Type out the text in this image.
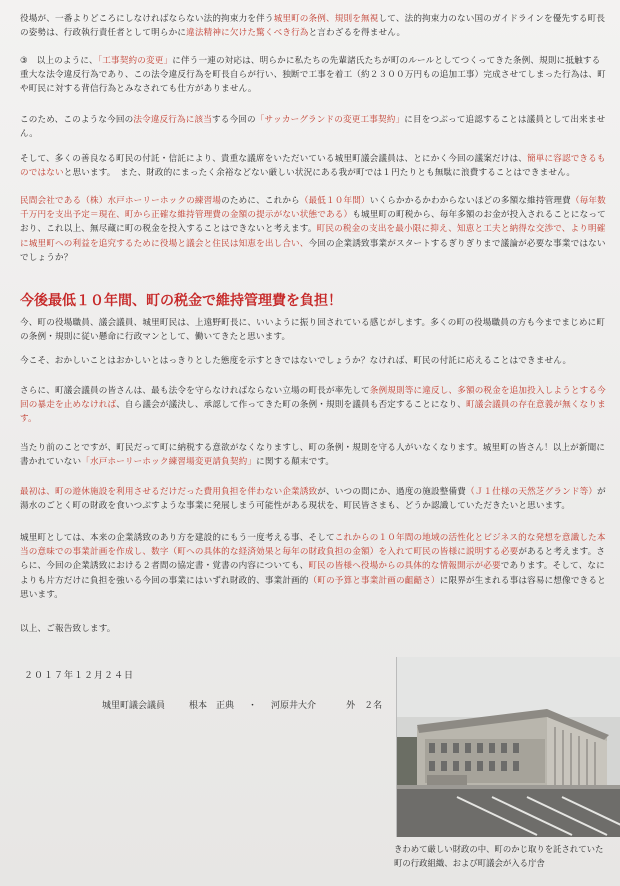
役場が、一番よりどころにしなければならない法的拘束力を伴う城里町の条例、規則を無視して、法的拘束力のない国のガイドラインを優先する町長の姿勢は、行政執行責任者として明らかに違法精神に欠けた驚くべき行為と言わざるを得ません。
③　以上のように、「工事契約の変更」に伴う一連の対応は、明らかに私たちの先輩諸氏たちが町のルールとしてつくってきた条例、規則に抵触する重大な法令違反行為であり、この法令違反行為を町長自らが行い、独断で工事を着工（約２３００万円もの追加工事）完成させてしまった行為は、町や町民に対する背信行為とみなされても仕方がありません。
このため、このような今回の法令違反行為に該当する今回の「サッカーグランドの変更工事契約」に目をつぶって追認することは議員として出来ません。
そして、多くの善良なる町民の付託・信託により、貴重な議席をいただいている城里町議会議員は、とにかく今回の議案だけは、簡単に容認できるものではないと思います。　また、財政的にまったく余裕などない厳しい状況にある我が町では１円たりとも無駄に浪費することはできません。
民間会社である（株）水戸ホーリーホックの練習場のために、これから（最低１０年間）いくらかかるかわからないほどの多額な維持管理費（毎年数千万円を支出予定＝現在、町から正確な維持管理費の金額の提示がない状態である）も城里町の町税から、毎年多額のお金が投入されることになっており、これ以上、無尽蔵に町の税金を投入することはできないと考えます。町民の税金の支出を最小限に抑え、知恵と工夫と納得な交渉で、より明確に城里町への利益を追究するために役場と議会と住民は知恵を出し合い、今回の企業誘致事業がスタートするぎりぎりまで議論が必要な事業ではないでしょうか？
今、町の役場職員、議会議員、城里町民は、上遠野町長に、いいように振り回されている感じがします。多くの町の役場職員の方も今までまじめに町の条例・規則に従い懸命に行政マンとして、働いてきたと思います。
今こそ、おかしいことはおかしいとはっきりとした態度を示すときではないでしょうか？なければ、町民の付託に応えることはできません。
さらに、町議会議員の皆さんは、最も法令を守らなければならない立場の町長が率先して条例規則等に違反し、多額の税金を追加投入しようとする今回の暴走を止めなければ、自ら議会が議決し、承認して作ってきた町の条例・規則を議員も否定することになり、町議会議員の存在意義が無くなります。
当たり前のことですが、町民だって町に納税する意欲がなくなりますし、町の条例・規則を守る人がいなくなります。城里町の皆さん！以上が新聞に書かれていない「水戸ホーリーホック練習場変更請負契約」に関する顛末です。
最初は、町の遊休施設を利用させるだけだった費用負担を伴わない企業誘致が、いつの間にか、過度の施設整備費（Ｊ１仕様の天然芝グランド等）が湯水のごとく町の財政を食いつぶすような事業に発展しまう可能性がある現状を、町民皆さまも、どうか認識していただきたいと思います。
城里町としては、本来の企業誘致のあり方を建設的にもう一度考える事、そしてこれからの１０年間の地域の活性化とビジネス的な発想を意識した本当の意味での事業計画を作成し、数字（町への具体的な経済効果と毎年の財政負担の金額）を入れて町民の皆様に説明する必要があると考えます。さらに、今回の企業誘致における２者間の協定書・覚書の内容についても、町民の皆様へ役場からの具体的な情報開示が必要であります。そして、なによりも片方だけに負担を強いる今回の事業にはいずれ財政的、事業計画的（町の予算と事業計画の齟齬さ）に限界が生まれる事は容易に想像できると思います。
以上、ご報告致します。
今後最低１０年間、町の税金で維持管理費を負担！
２０１７年１２月２４日
城里町議会議員	根本　正典 ・ 河原井大介	外　２名
きわめて厳しい財政の中、町のかじ取りを託されていた
町の行政組織、および町議会が入る庁舎
